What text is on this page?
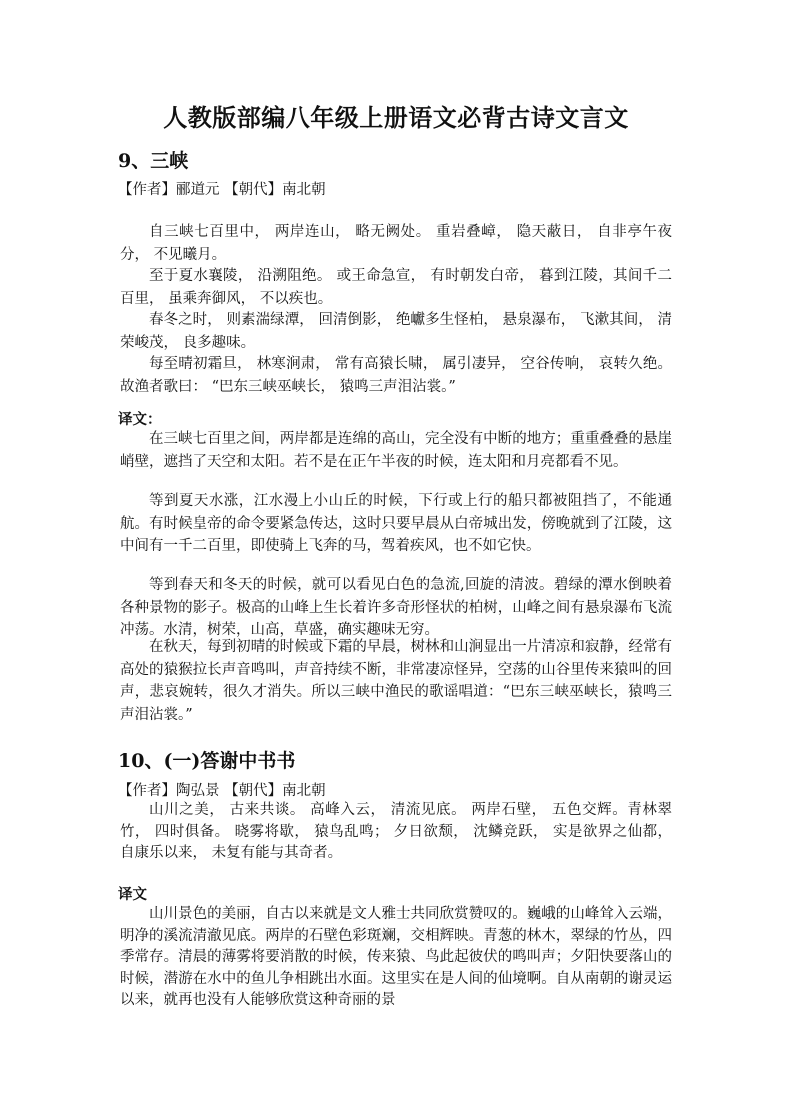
人教版部编八年级上册语文必背古诗文言文
9、三峡
【作者】郦道元 【朝代】南北朝

自三峡七百里中， 两岸连山， 略无阙处。 重岩叠嶂， 隐天蔽日， 自非亭午夜分， 不见曦月。

至于夏水襄陵， 沿溯阻绝。 或王命急宣， 有时朝发白帝， 暮到江陵，其间千二百里， 虽乘奔御风， 不以疾也。

春冬之时， 则素湍绿潭， 回清倒影， 绝巘多生怪柏， 悬泉瀑布， 飞漱其间， 清荣峻茂， 良多趣味。

每至晴初霜旦， 林寒涧肃， 常有高猿长啸， 属引凄异， 空谷传响， 哀转久绝。 故渔者歌曰： “巴东三峡巫峡长， 猿鸣三声泪沾裳。”

译文：

在三峡七百里之间，两岸都是连绵的高山，完全没有中断的地方；重重叠叠的悬崖 峭壁，遮挡了天空和太阳。若不是在正午半夜的时候，连太阳和月亮都看不见。

等到夏天水涨，江水漫上小山丘的时候，下行或上行的船只都被阻挡了，不能通航。有时候皇帝的命令要紧急传达，这时只要早晨从白帝城出发，傍晚就到了江陵，这中间有一千二百里，即使骑上飞奔的马，驾着疾风，也不如它快。

等到春天和冬天的时候，就可以看见白色的急流,回旋的清波。碧绿的潭水倒映着各种景物的影子。极高的山峰上生长着许多奇形怪状的柏树，山峰之间有悬泉瀑布飞流冲荡。水清，树荣，山高，草盛，确实趣味无穷。

在秋天，每到初晴的时候或下霜的早晨，树林和山涧显出一片清凉和寂静，经常有高处的猿猴拉长声音鸣叫，声音持续不断，非常凄凉怪异，空荡的山谷里传来猿叫的回声，悲哀婉转，很久才消失。所以三峡中渔民的歌谣唱道：“巴东三峡巫峡长，猿鸣三声泪沾裳。”

10、(一)答谢中书书
【作者】陶弘景 【朝代】南北朝

山川之美， 古来共谈。 高峰入云， 清流见底。 两岸石壁， 五色交辉。青林翠竹， 四时俱备。 晓雾将歇， 猿鸟乱鸣； 夕日欲颓， 沈鳞竞跃， 实是欲界之仙都， 自康乐以来， 未复有能与其奇者。

译文

山川景色的美丽，自古以来就是文人雅士共同欣赏赞叹的。巍峨的山峰耸入云端，明净的溪流清澈见底。两岸的石壁色彩斑斓，交相辉映。青葱的林木，翠绿的竹丛，四季常存。清晨的薄雾将要消散的时候，传来猿、鸟此起彼伏的鸣叫声；夕阳快要落山的时候，潜游在水中的鱼儿争相跳出水面。这里实在是人间的仙境啊。自从南朝的谢灵运以来，就再也没有人能够欣赏这种奇丽的景
